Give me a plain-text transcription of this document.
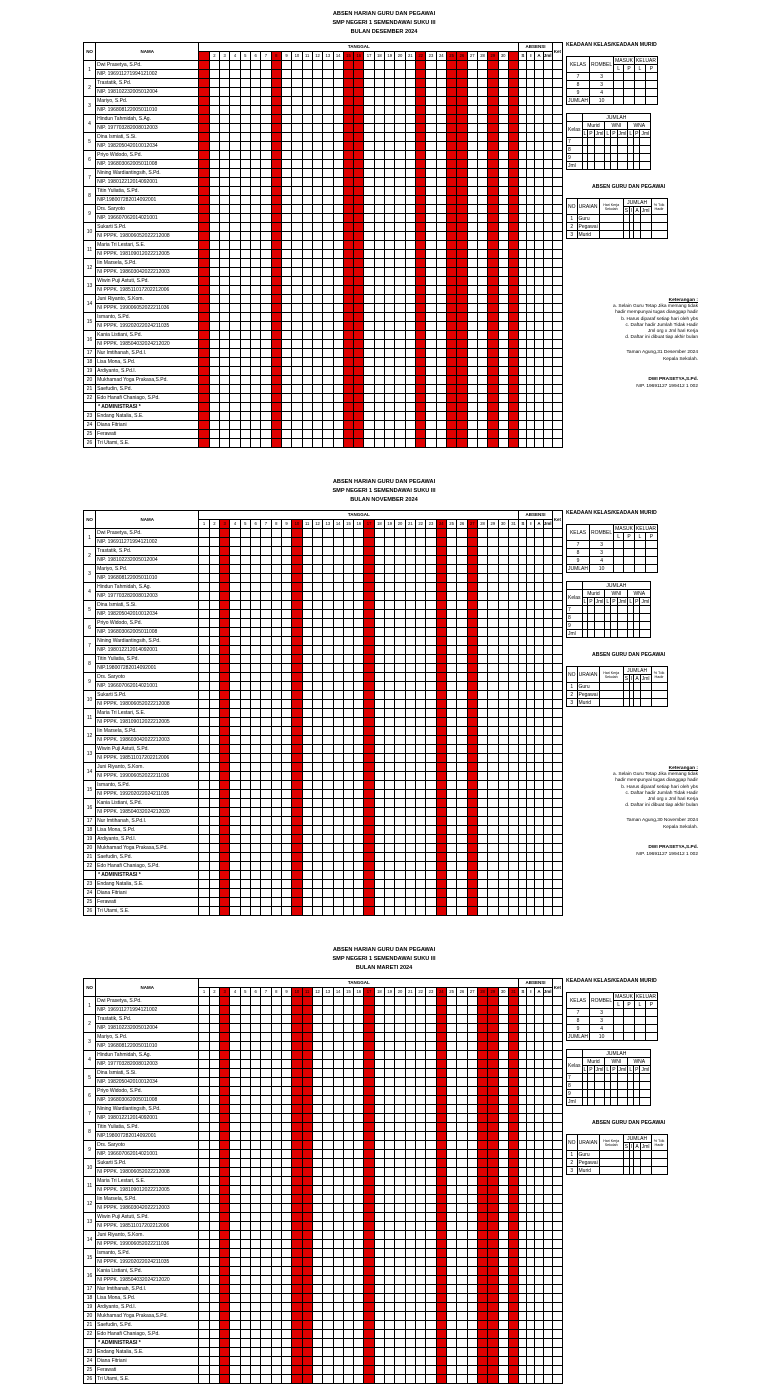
ABSEN HARIAN GURU DAN PEGAWAI
SMP NEGERI 1 SEMENDAWAI SUKU III
BULAN DESEMBER 2024
NO	NAMA	TANGGAL																															ABSENSI				Ket
			2	3	4	5	6	7	8	9	10	11	12	13	14	15	16	17	18	19	20	21	22	23	24	25	26	27	28	29	30		S	I	A	Jml	
1	Dwi Prasetya, S.Pd.																																				
	NIP. 196911271994121002																																				
2	Trastatik, S.Pd.																																				
	NIP. 198102232005012004																																				
3	Mariyo, S.Pd.																																				
	NIP. 196808122005011010																																				
4	Hindun Tahmidah, S.Ag.																																				
	NIP. 197703282008012003																																				
5	Dina Ismiati, S.Si.																																				
	NIP. 198205042010012034																																				
6	Priyo Widodo, S.Pd.																																				
	NIP. 196803062005011008																																				
7	Nining Wardiantingsih, S.Pd.																																				
	NIP. 198012212014092001																																				
8	Titin Yuliatia, S.Pd.																																				
	NIP.198007282014092001																																				
9	Drs. Saryoto																																				
	NIP. 196607062014021001																																				
10	Sukarti S.Pd.																																				
	NI PPPK. 198006052022212008																																				
11	Maria Tri Lestari, S.E.																																				
	NI PPPK. 198109012022212005																																				
12	Iin Marsela, S.Pd.																																				
	NI PPPK. 198603042022212003																																				
13	Wiwin Puji Astuti, S.Pd.																																				
	NI PPPK. 198511017202212006																																				
14	Juni Riyanto, S.Kom.																																				
	NI PPPK. 199006052022211036																																				
15	Ismanto, S.Pd.																																				
	NI PPPK. 199202022024211035																																				
16	Kania Listiani, S.Pd.																																				
	NI PPPK. 198504032024212020																																				
17	Nur Imtihanah, S.Pd.I.																																				
18	Lisa Mona, S.Pd.																																				
19	Ardiyanto, S.Pd.I.																																				
20	Mukhamad Yoga Prakasa,S.Pd.																																				
21	Saefudin, S.Pd.																																				
22	Edo Hanafi Chaniago, S.Pd.																																				
	* ADMINISTRASI *																																				
23	Endang Natalia, S.E.																																				
24	Diana Fitriani																																				
25	Ferawati																																				
26	Tri Utami, S.E.																																				
KEADAAN KELAS/KEADAAN MURID
KELAS	ROMBEL	MASUK		KELUAR	
		L	P	L	P
7	3				
8	3				
9	4				
JUMLAH	10				
	JUMLAH								
Kelas	Murid			WNI			WNA		
	L	P	Jml	L	P	Jml	L	P	Jml
7									
8									
9									
Jml									
ABSEN GURU DAN PEGAWAI
NO	URAIAN	Hari Kerja Sekolah	JUMLAH				% Tdk Hadir
			S	I	A	Jml	
1	Guru						
2	Pegawai						
3	Murid						
Keterangan :
a. Selain Guru Tetap Jika memang tidak
hadir mempunyai tugas dianggap hadir
b. Harus diparaf setiap hari oleh ybs
c. Daftar hadir Jumlah Tidak Hadir
Jml org x Jml hari Kerja
d. Daftar ini dibuat tiap akhir bulan
Taman Agung,31 Desember 2024
Kepala Sekolah.
DWI PRASETYA,S.Pd.
NIP. 19691127 199412 1 002
ABSEN HARIAN GURU DAN PEGAWAI
SMP NEGERI 1 SEMENDAWAI SUKU III
BULAN NOVEMBER 2024
NO	NAMA	TANGGAL																															ABSENSI				Ket
		1	2	3	4	5	6	7	8	9	10	11	12	13	14	15	16	17	18	19	20	21	22	23	24	25	26	27	28	29	30	31	S	I	A	Jml	
1	Dwi Prasetya, S.Pd.																																				
	NIP. 196911271994121002																																				
2	Trastatik, S.Pd.																																				
	NIP. 198102232005012004																																				
3	Mariyo, S.Pd.																																				
	NIP. 196808122005011010																																				
4	Hindun Tahmidah, S.Ag.																																				
	NIP. 197703282008012003																																				
5	Dina Ismiati, S.Si.																																				
	NIP. 198205042010012034																																				
6	Priyo Widodo, S.Pd.																																				
	NIP. 196803062005011008																																				
7	Nining Wardiantingsih, S.Pd.																																				
	NIP. 198012212014092001																																				
8	Titin Yuliatia, S.Pd.																																				
	NIP.198007282014092001																																				
9	Drs. Saryoto																																				
	NIP. 196607062014021001																																				
10	Sukarti S.Pd.																																				
	NI PPPK. 198006052022212008																																				
11	Maria Tri Lestari, S.E.																																				
	NI PPPK. 198109012022212005																																				
12	Iin Marsela, S.Pd.																																				
	NI PPPK. 198603042022212003																																				
13	Wiwin Puji Astuti, S.Pd.																																				
	NI PPPK. 198511017202212006																																				
14	Juni Riyanto, S.Kom.																																				
	NI PPPK. 199006052022211036																																				
15	Ismanto, S.Pd.																																				
	NI PPPK. 199202022024211035																																				
16	Kania Listiani, S.Pd.																																				
	NI PPPK. 198504032024212020																																				
17	Nur Imtihanah, S.Pd.I.																																				
18	Lisa Mona, S.Pd.																																				
19	Ardiyanto, S.Pd.I.																																				
20	Mukhamad Yoga Prakasa,S.Pd.																																				
21	Saefudin, S.Pd.																																				
22	Edo Hanafi Chaniago, S.Pd.																																				
	* ADMINISTRASI *																																				
23	Endang Natalia, S.E.																																				
24	Diana Fitriani																																				
25	Ferawati																																				
26	Tri Utami, S.E.																																				
KEADAAN KELAS/KEADAAN MURID
KELAS	ROMBEL	MASUK		KELUAR	
		L	P	L	P
7	3				
8	3				
9	4				
JUMLAH	10				
	JUMLAH								
Kelas	Murid			WNI			WNA		
	L	P	Jml	L	P	Jml	L	P	Jml
7									
8									
9									
Jml									
ABSEN GURU DAN PEGAWAI
NO	URAIAN	Hari Kerja Sekolah	JUMLAH				% Tdk Hadir
			S	I	A	Jml	
1	Guru						
2	Pegawai						
3	Murid						
Keterangan :
a. Selain Guru Tetap Jika memang tidak
hadir mempunyai tugas dianggap hadir
b. Harus diparaf setiap hari oleh ybs
c. Daftar hadir Jumlah Tidak Hadir
Jml org x Jml hari Kerja
d. Daftar ini dibuat tiap akhir bulan
Taman Agung,30 November 2024
Kepala Sekolah.
DWI PRASETYA,S.Pd.
NIP. 19691127 199412 1 002
ABSEN HARIAN GURU DAN PEGAWAI
SMP NEGERI 1 SEMENDAWAI SUKU III
BULAN MARETI 2024
NO	NAMA	TANGGAL																															ABSENSI				Ket
		1	2	3	4	5	6	7	8	9	10	11	12	13	14	15	16	17	18	19	20	21	22	23	24	25	26	27	28	29	30	31	S	I	A	Jml	
1	Dwi Prasetya, S.Pd.																																				
	NIP. 196911271994121002																																				
2	Trastatik, S.Pd.																																				
	NIP. 198102232005012004																																				
3	Mariyo, S.Pd.																																				
	NIP. 196808122005011010																																				
4	Hindun Tahmidah, S.Ag.																																				
	NIP. 197703282008012003																																				
5	Dina Ismiati, S.Si.																																				
	NIP. 198205042010012034																																				
6	Priyo Widodo, S.Pd.																																				
	NIP. 196803062005011008																																				
7	Nining Wardiantingsih, S.Pd.																																				
	NIP. 198012212014092001																																				
8	Titin Yuliatia, S.Pd.																																				
	NIP.198007282014092001																																				
9	Drs. Saryoto																																				
	NIP. 196607062014021001																																				
10	Sukarti S.Pd.																																				
	NI PPPK. 198006052022212008																																				
11	Maria Tri Lestari, S.E.																																				
	NI PPPK. 198109012022212005																																				
12	Iin Marsela, S.Pd.																																				
	NI PPPK. 198603042022212003																																				
13	Wiwin Puji Astuti, S.Pd.																																				
	NI PPPK. 198511017202212006																																				
14	Juni Riyanto, S.Kom.																																				
	NI PPPK. 199006052022211036																																				
15	Ismanto, S.Pd.																																				
	NI PPPK. 199202022024211035																																				
16	Kania Listiani, S.Pd.																																				
	NI PPPK. 198504032024212020																																				
17	Nur Imtihanah, S.Pd.I.																																				
18	Lisa Mona, S.Pd.																																				
19	Ardiyanto, S.Pd.I.																																				
20	Mukhamad Yoga Prakasa,S.Pd.																																				
21	Saefudin, S.Pd.																																				
22	Edo Hanafi Chaniago, S.Pd.																																				
	* ADMINISTRASI *																																				
23	Endang Natalia, S.E.																																				
24	Diana Fitriani																																				
25	Ferawati																																				
26	Tri Utami, S.E.																																				
KEADAAN KELAS/KEADAAN MURID
KELAS	ROMBEL	MASUK		KELUAR	
		L	P	L	P
7	3				
8	3				
9	4				
JUMLAH	10				
	JUMLAH								
Kelas	Murid			WNI			WNA		
	L	P	Jml	L	P	Jml	L	P	Jml
7									
8									
9									
Jml									
ABSEN GURU DAN PEGAWAI
NO	URAIAN	Hari Kerja Sekolah	JUMLAH				% Tdk Hadir
			S	I	A	Jml	
1	Guru						
2	Pegawai						
3	Murid						
